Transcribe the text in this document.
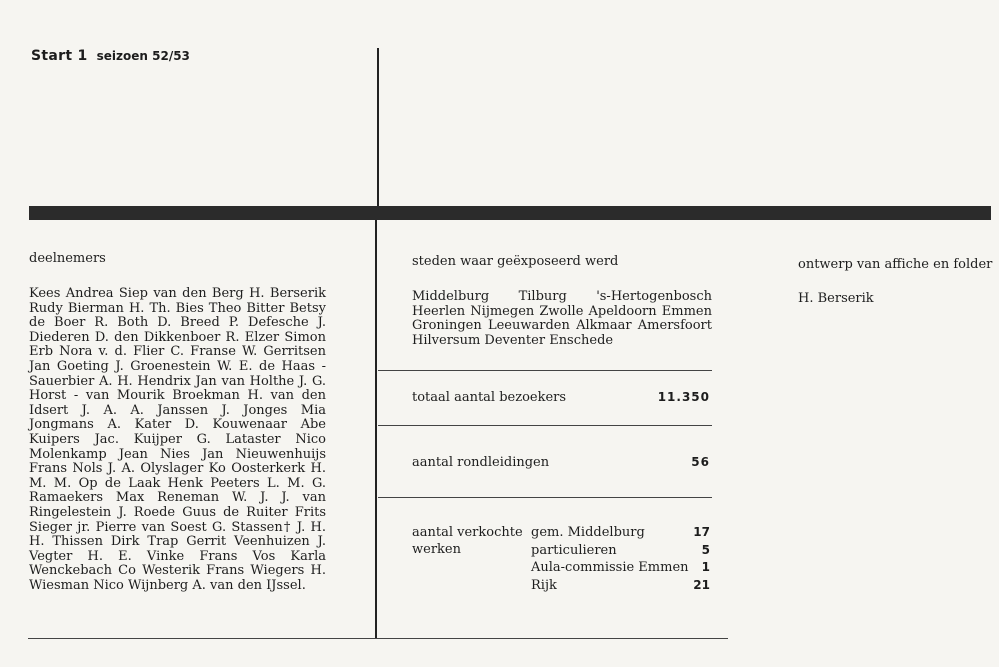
Start 1 seizoen 52/53
deelnemers
Kees Andrea Siep van den Berg H. Berserik Rudy Bierman H. Th. Bies Theo Bitter Betsy de Boer R. Both D. Breed P. Defesche J. Diederen D. den Dikkenboer R. Elzer Simon Erb Nora v. d. Flier C. Franse W. Gerritsen Jan Goeting J. Groenestein W. E. de Haas - Sauerbier A. H. Hendrix Jan van Holthe J. G. Horst - van Mourik Broekman H. van den Idsert J. A. A. Janssen J. Jonges Mia Jongmans A. Kater D. Kouwenaar Abe Kuipers Jac. Kuijper G. Lataster Nico Molenkamp Jean Nies Jan Nieuwenhuijs Frans Nols J. A. Olyslager Ko Oosterkerk H. M. M. Op de Laak Henk Peeters L. M. G. Ramaekers Max Reneman W. J. J. van Ringelestein J. Roede Guus de Ruiter Frits Sieger jr. Pierre van Soest G. Stassen† J. H. H. Thissen Dirk Trap Gerrit Veenhuizen J. Vegter H. E. Vinke Frans Vos Karla Wenckebach Co Westerik Frans Wiegers H. Wiesman Nico Wijnberg A. van den IJssel.
steden waar geëxposeerd werd
Middelburg Tilburg 's-Hertogenbosch Heerlen Nijmegen Zwolle Apeldoorn Emmen Groningen Leeuwarden Alkmaar Amersfoort Hilversum Deventer Enschede
totaal aantal bezoekers	11.350
aantal rondleidingen	56
aantal verkochte werken
gem. Middelburg	17
particulieren	5
Aula-commissie Emmen 1
Rijk	21
ontwerp van affiche en folder
H. Berserik
